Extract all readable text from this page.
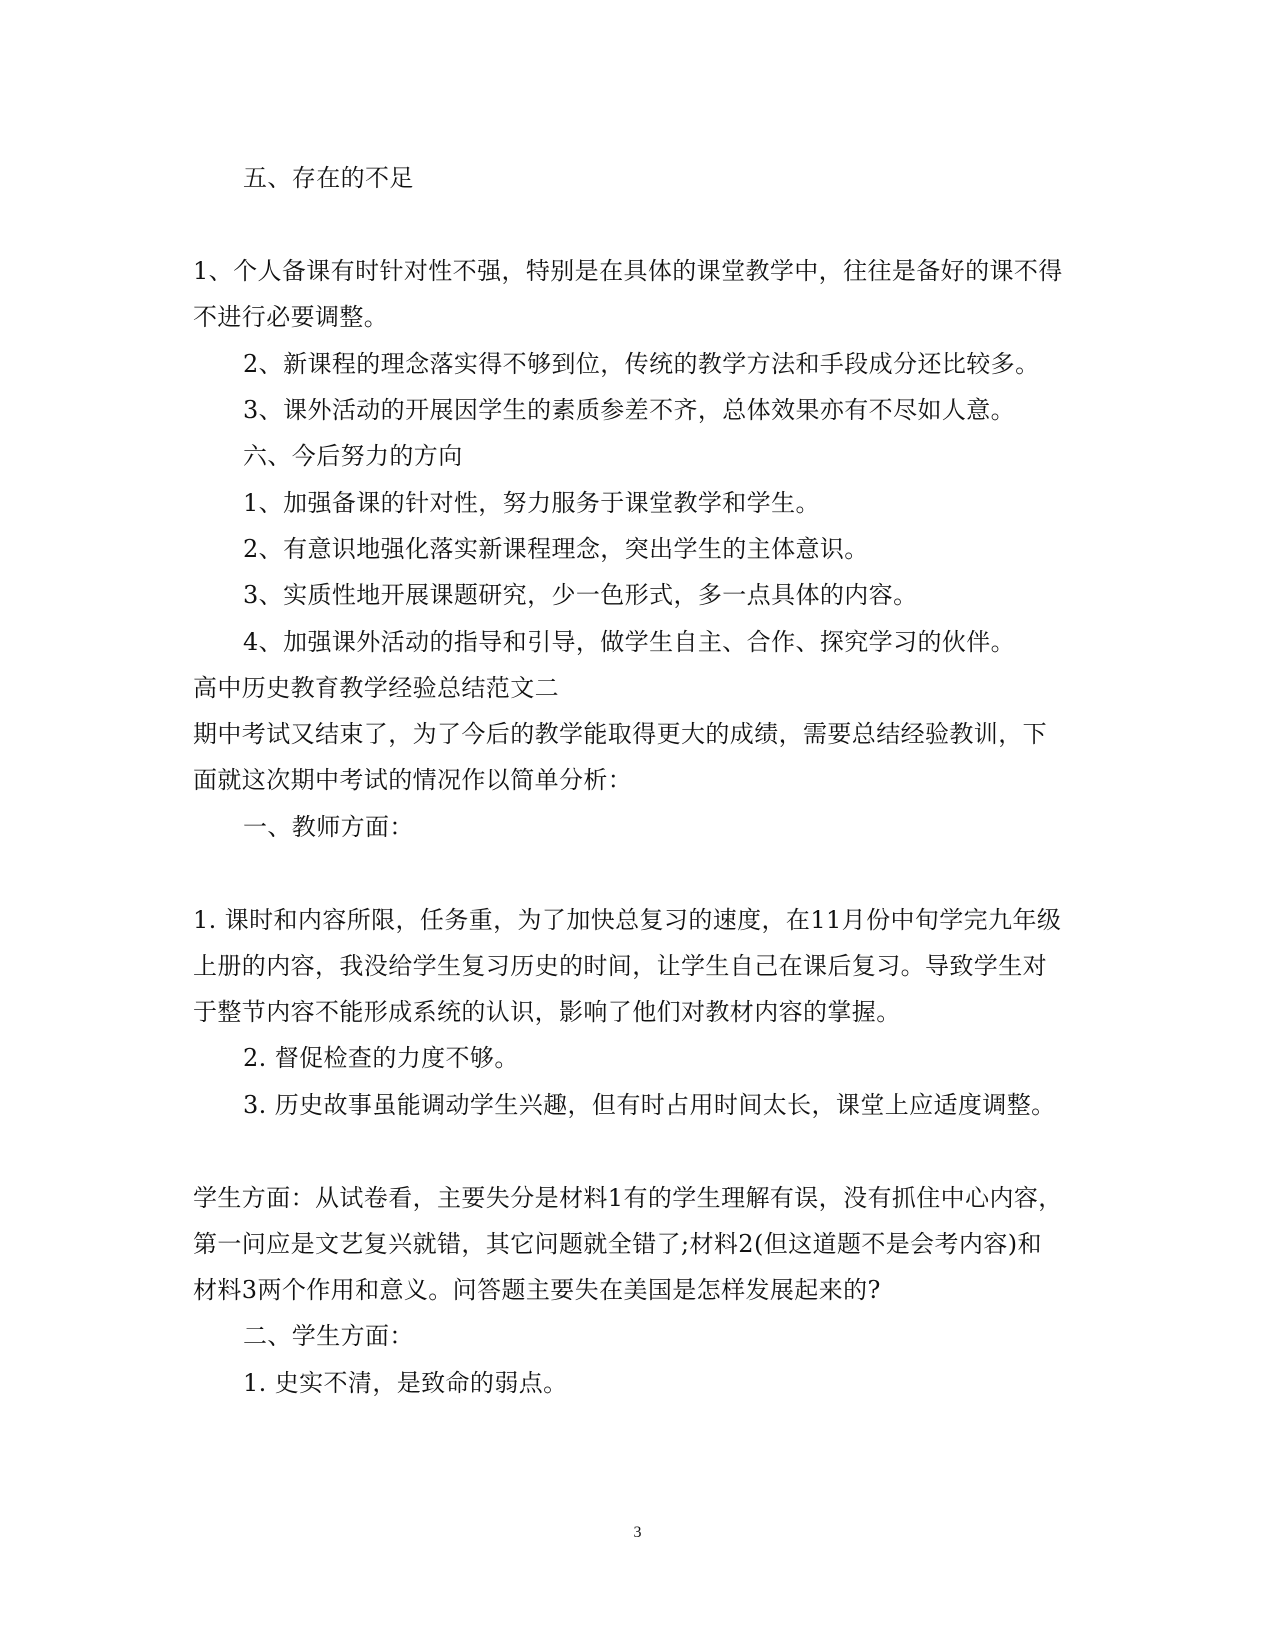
五、存在的不足
1、个人备课有时针对性不强，特别是在具体的课堂教学中，往往是备好的课不得
不进行必要调整。
2、新课程的理念落实得不够到位，传统的教学方法和手段成分还比较多。
3、课外活动的开展因学生的素质参差不齐，总体效果亦有不尽如人意。
六、今后努力的方向
1、加强备课的针对性，努力服务于课堂教学和学生。
2、有意识地强化落实新课程理念，突出学生的主体意识。
3、实质性地开展课题研究，少一色形式，多一点具体的内容。
4、加强课外活动的指导和引导，做学生自主、合作、探究学习的伙伴。
高中历史教育教学经验总结范文二
期中考试又结束了，为了今后的教学能取得更大的成绩，需要总结经验教训，下
面就这次期中考试的情况作以简单分析：
一、教师方面：
1. 课时和内容所限，任务重，为了加快总复习的速度，在11月份中旬学完九年级
上册的内容，我没给学生复习历史的时间，让学生自己在课后复习。导致学生对
于整节内容不能形成系统的认识，影响了他们对教材内容的掌握。
2. 督促检查的力度不够。
3. 历史故事虽能调动学生兴趣，但有时占用时间太长，课堂上应适度调整。
学生方面：从试卷看，主要失分是材料1有的学生理解有误，没有抓住中心内容，
第一问应是文艺复兴就错，其它问题就全错了;材料2(但这道题不是会考内容)和
材料3两个作用和意义。问答题主要失在美国是怎样发展起来的?
二、学生方面：
1. 史实不清，是致命的弱点。
3
